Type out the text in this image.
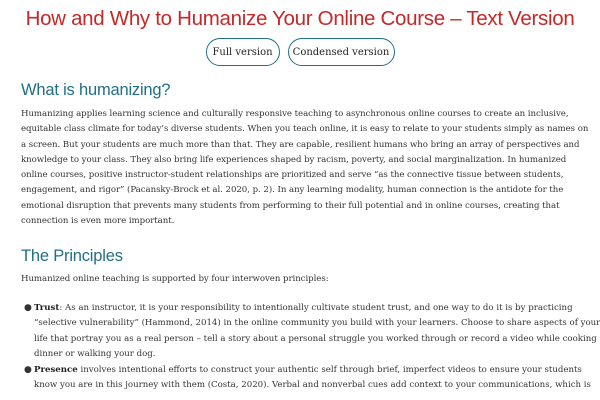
How and Why to Humanize Your Online Course – Text Version
Full version	Condensed version
What is humanizing?

Humanizing applies learning science and culturally responsive teaching to asynchronous online courses to create an inclusive, equitable class climate for today’s diverse students. When you teach online, it is easy to relate to your students simply as names on a screen. But your students are much more than that. They are capable, resilient humans who bring an array of perspectives and knowledge to your class. They also bring life experiences shaped by racism, poverty, and social marginalization. In humanized online courses, positive instructor-student relationships are prioritized and serve “as the connective tissue between students, engagement, and rigor” (Pacansky-Brock et al. 2020, p. 2). In any learning modality, human connection is the antidote for the emotional disruption that prevents many students from performing to their full potential and in online courses, creating that connection is even more important.

The Principles

Humanized online teaching is supported by four interwoven principles:

● Trust: As an instructor, it is your responsibility to intentionally cultivate student trust, and one way to do it is by practicing “selective vulnerability” (Hammond, 2014) in the online community you build with your learners. Choose to share aspects of your life that portray you as a real person – tell a story about a personal struggle you worked through or record a video while cooking dinner or walking your dog.
● Presence involves intentional efforts to construct your authentic self through brief, imperfect videos to ensure your students know you are in this journey with them (Costa, 2020). Verbal and nonverbal cues add context to your communications, which is
